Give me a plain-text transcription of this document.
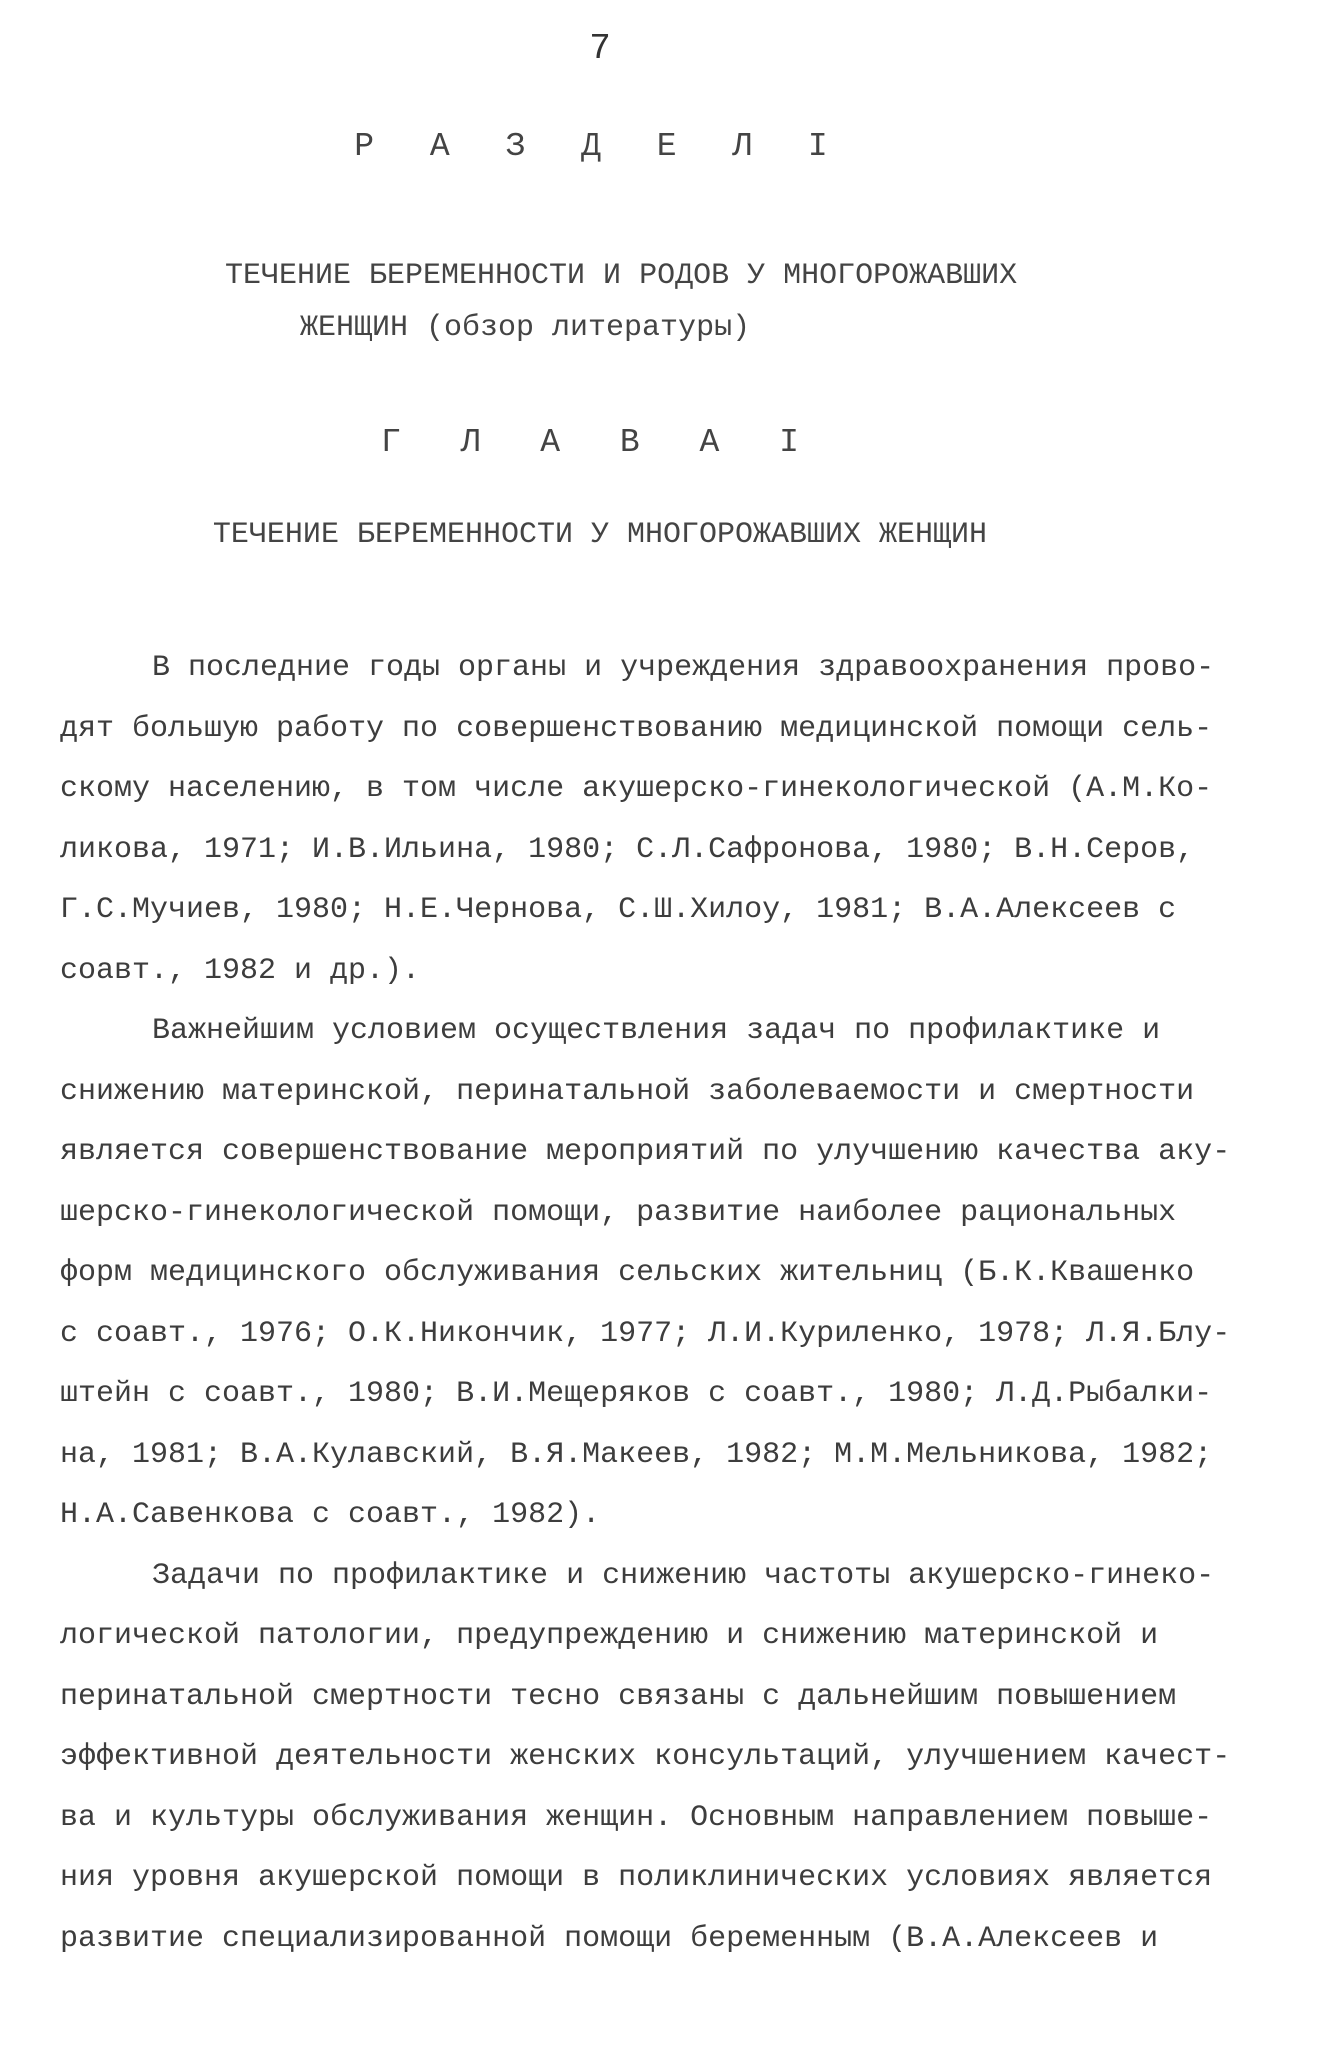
7
Р А З Д Е Л I
ТЕЧЕНИЕ БЕРЕМЕННОСТИ И РОДОВ У МНОГОРОЖАВШИХ
ЖЕНЩИН (обзор литературы)
Г Л А В А I
ТЕЧЕНИЕ БЕРЕМЕННОСТИ У МНОГОРОЖАВШИХ ЖЕНЩИН
В последние годы органы и учреждения здравоохранения прово-
дят большую работу по совершенствованию медицинской помощи сель-
скому населению, в том числе акушерско-гинекологической (А.М.Ко-
ликова, 1971; И.В.Ильина, 1980; С.Л.Сафронова, 1980; В.Н.Серов,
Г.С.Мучиев, 1980; Н.Е.Чернова, С.Ш.Хилоу, 1981; В.А.Алексеев с
соавт., 1982 и др.).
Важнейшим условием осуществления задач по профилактике и
снижению материнской, перинатальной заболеваемости и смертности
является совершенствование мероприятий по улучшению качества аку-
шерско-гинекологической помощи, развитие наиболее рациональных
форм медицинского обслуживания сельских жительниц (Б.К.Квашенко
с соавт., 1976; О.К.Никончик, 1977; Л.И.Куриленко, 1978; Л.Я.Блу-
штейн с соавт., 1980; В.И.Мещеряков с соавт., 1980; Л.Д.Рыбалки-
на, 1981; В.А.Кулавский, В.Я.Макеев, 1982; М.М.Мельникова, 1982;
Н.А.Савенкова с соавт., 1982).
Задачи по профилактике и снижению частоты акушерско-гинеко-
логической патологии, предупреждению и снижению материнской и
перинатальной смертности тесно связаны с дальнейшим повышением
эффективной деятельности женских консультаций, улучшением качест-
ва и культуры обслуживания женщин. Основным направлением повыше-
ния уровня акушерской помощи в поликлинических условиях является
развитие специализированной помощи беременным (В.А.Алексеев и
